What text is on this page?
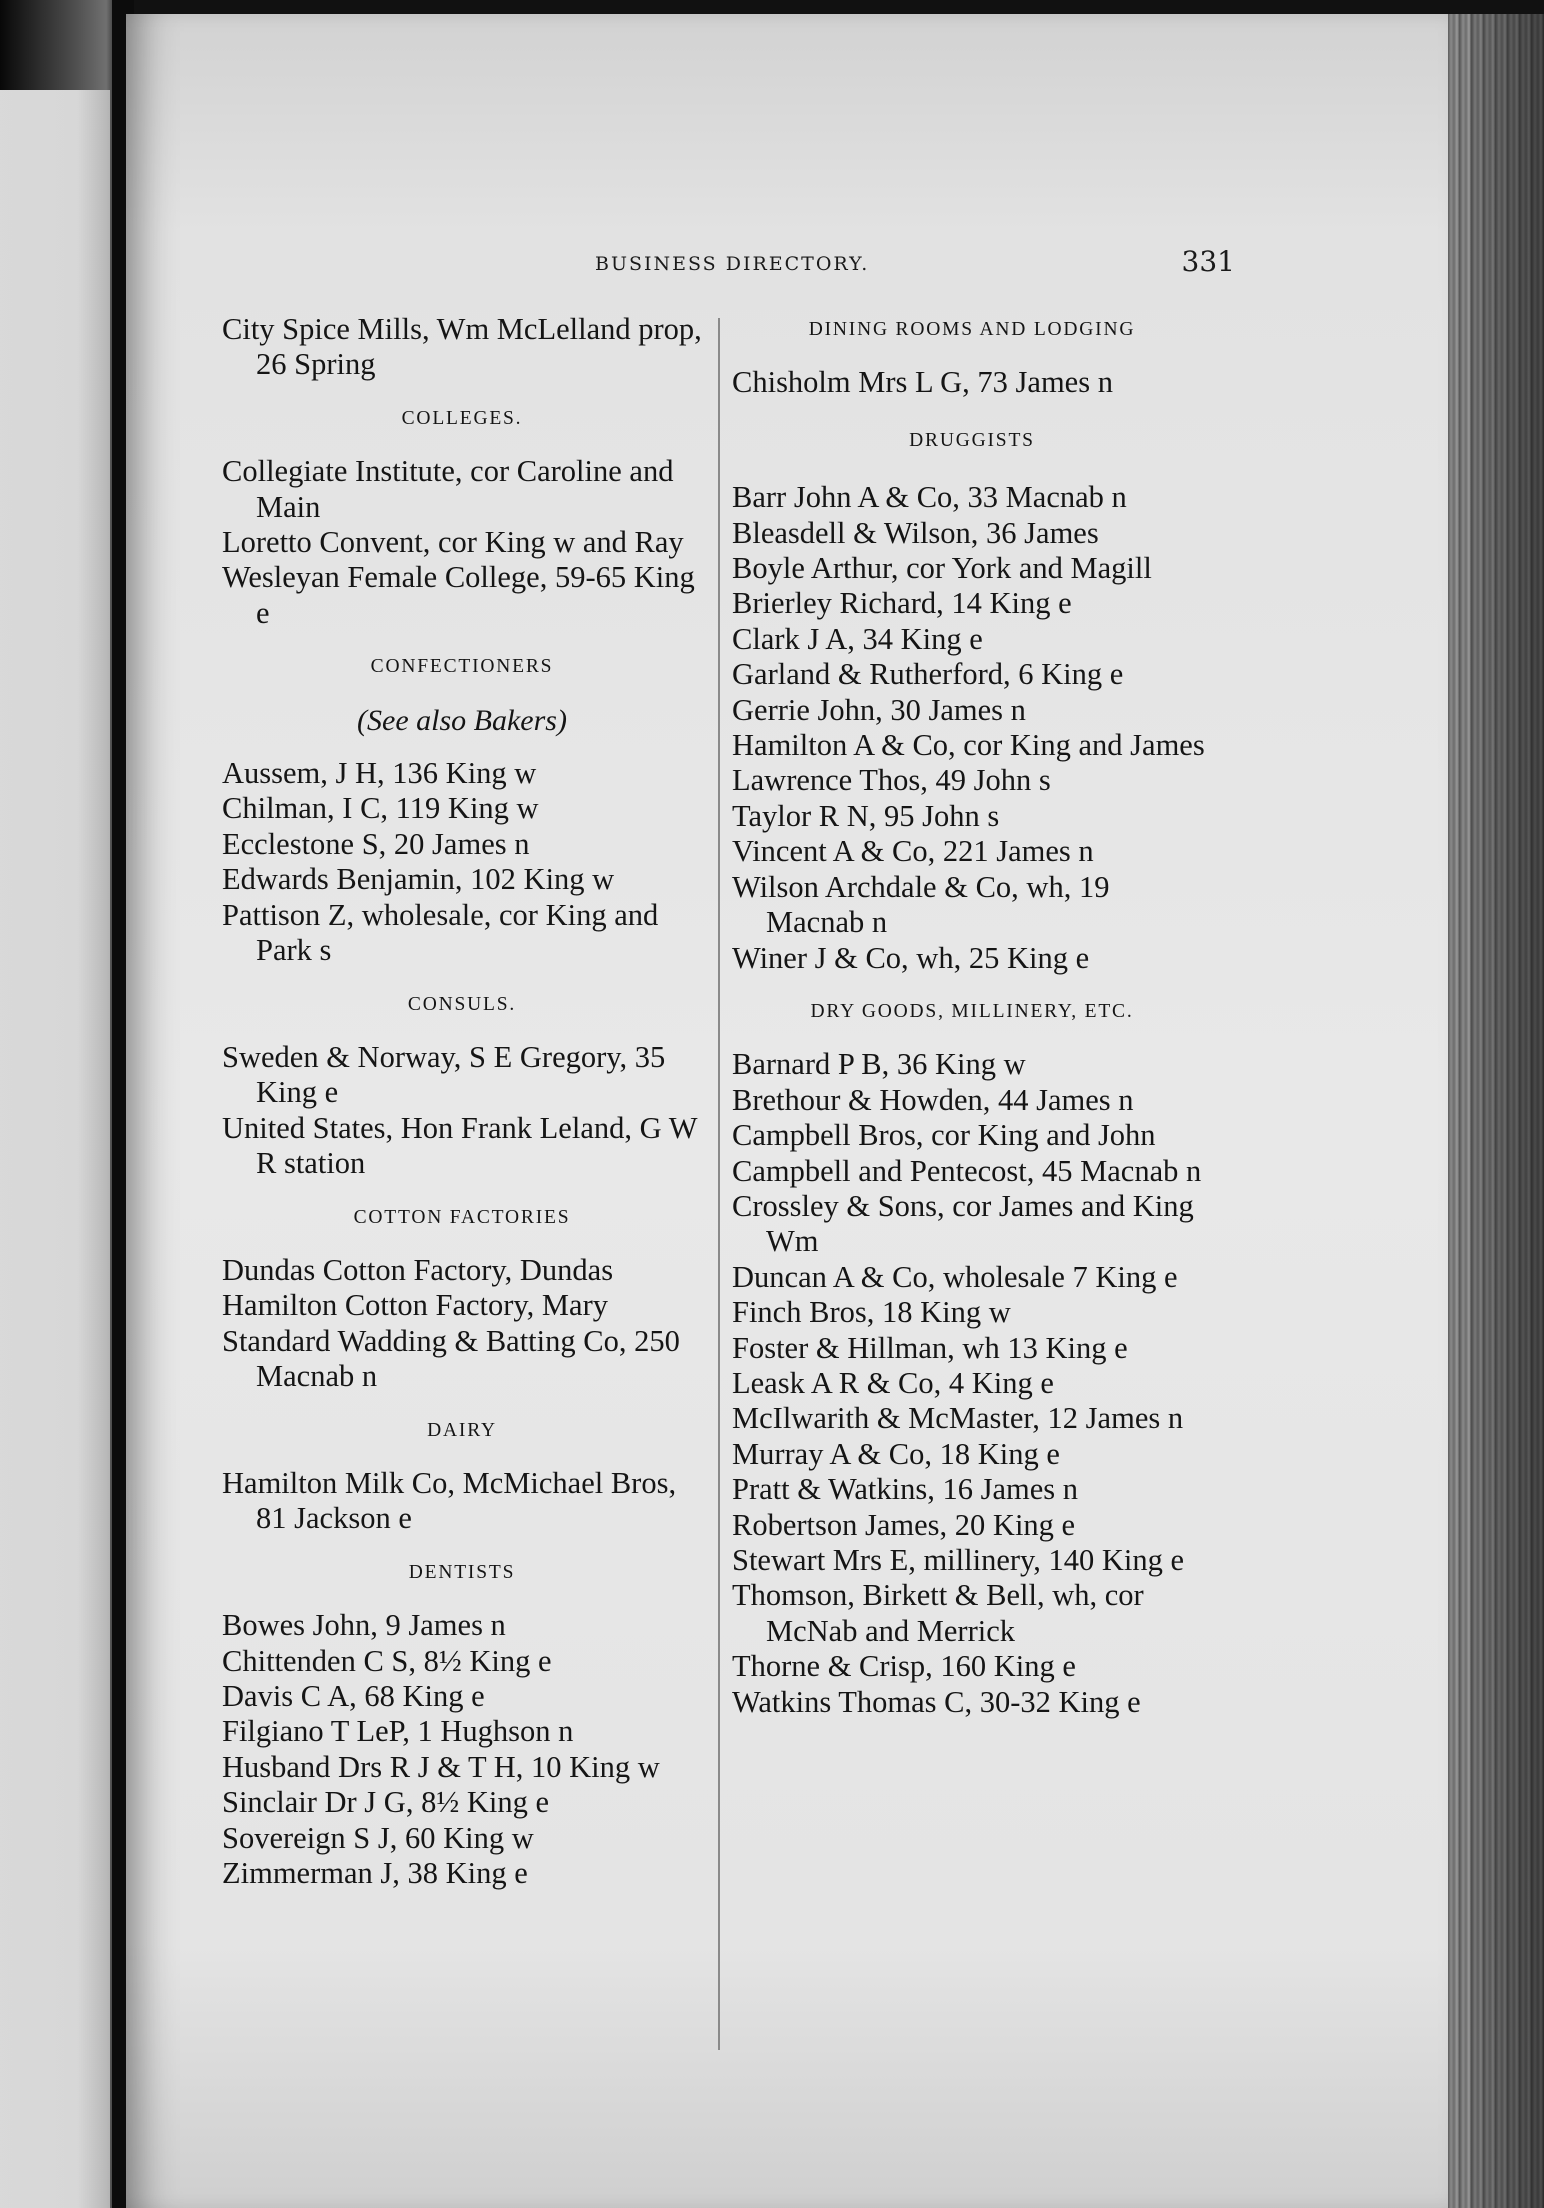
BUSINESS DIRECTORY.	331
City Spice Mills, Wm McLelland prop, 26 Spring
COLLEGES.
Collegiate Institute, cor Caroline and Main
Loretto Convent, cor King w and Ray
Wesleyan Female College, 59-65 King e
CONFECTIONERS
(See also Bakers)
Aussem, J H, 136 King w
Chilman, I C, 119 King w
Ecclestone S, 20 James n
Edwards Benjamin, 102 King w
Pattison Z, wholesale, cor King and Park s
CONSULS.
Sweden & Norway, S E Gregory, 35 King e
United States, Hon Frank Leland, G W R station
COTTON FACTORIES
Dundas Cotton Factory, Dundas
Hamilton Cotton Factory, Mary
Standard Wadding & Batting Co, 250 Macnab n
DAIRY
Hamilton Milk Co, McMichael Bros, 81 Jackson e
DENTISTS
Bowes John, 9 James n
Chittenden C S, 8½ King e
Davis C A, 68 King e
Filgiano T LeP, 1 Hughson n
Husband Drs R J & T H, 10 King w
Sinclair Dr J G, 8½ King e
Sovereign S J, 60 King w
Zimmerman J, 38 King e
DINING ROOMS AND LODGING
Chisholm Mrs L G, 73 James n
DRUGGISTS
Barr John A & Co, 33 Macnab n
Bleasdell & Wilson, 36 James
Boyle Arthur, cor York and Magill
Brierley Richard, 14 King e
Clark J A, 34 King e
Garland & Rutherford, 6 King e
Gerrie John, 30 James n
Hamilton A & Co, cor King and James
Lawrence Thos, 49 John s
Taylor R N, 95 John s
Vincent A & Co, 221 James n
Wilson Archdale & Co, wh, 19 Macnab n
Winer J & Co, wh, 25 King e
DRY GOODS, MILLINERY, ETC.
Barnard P B, 36 King w
Brethour & Howden, 44 James n
Campbell Bros, cor King and John
Campbell and Pentecost, 45 Macnab n
Crossley & Sons, cor James and King Wm
Duncan A & Co, wholesale 7 King e
Finch Bros, 18 King w
Foster & Hillman, wh 13 King e
Leask A R & Co, 4 King e
McIlwarith & McMaster, 12 James n
Murray A & Co, 18 King e
Pratt & Watkins, 16 James n
Robertson James, 20 King e
Stewart Mrs E, millinery, 140 King e
Thomson, Birkett & Bell, wh, cor McNab and Merrick
Thorne & Crisp, 160 King e
Watkins Thomas C, 30-32 King e
